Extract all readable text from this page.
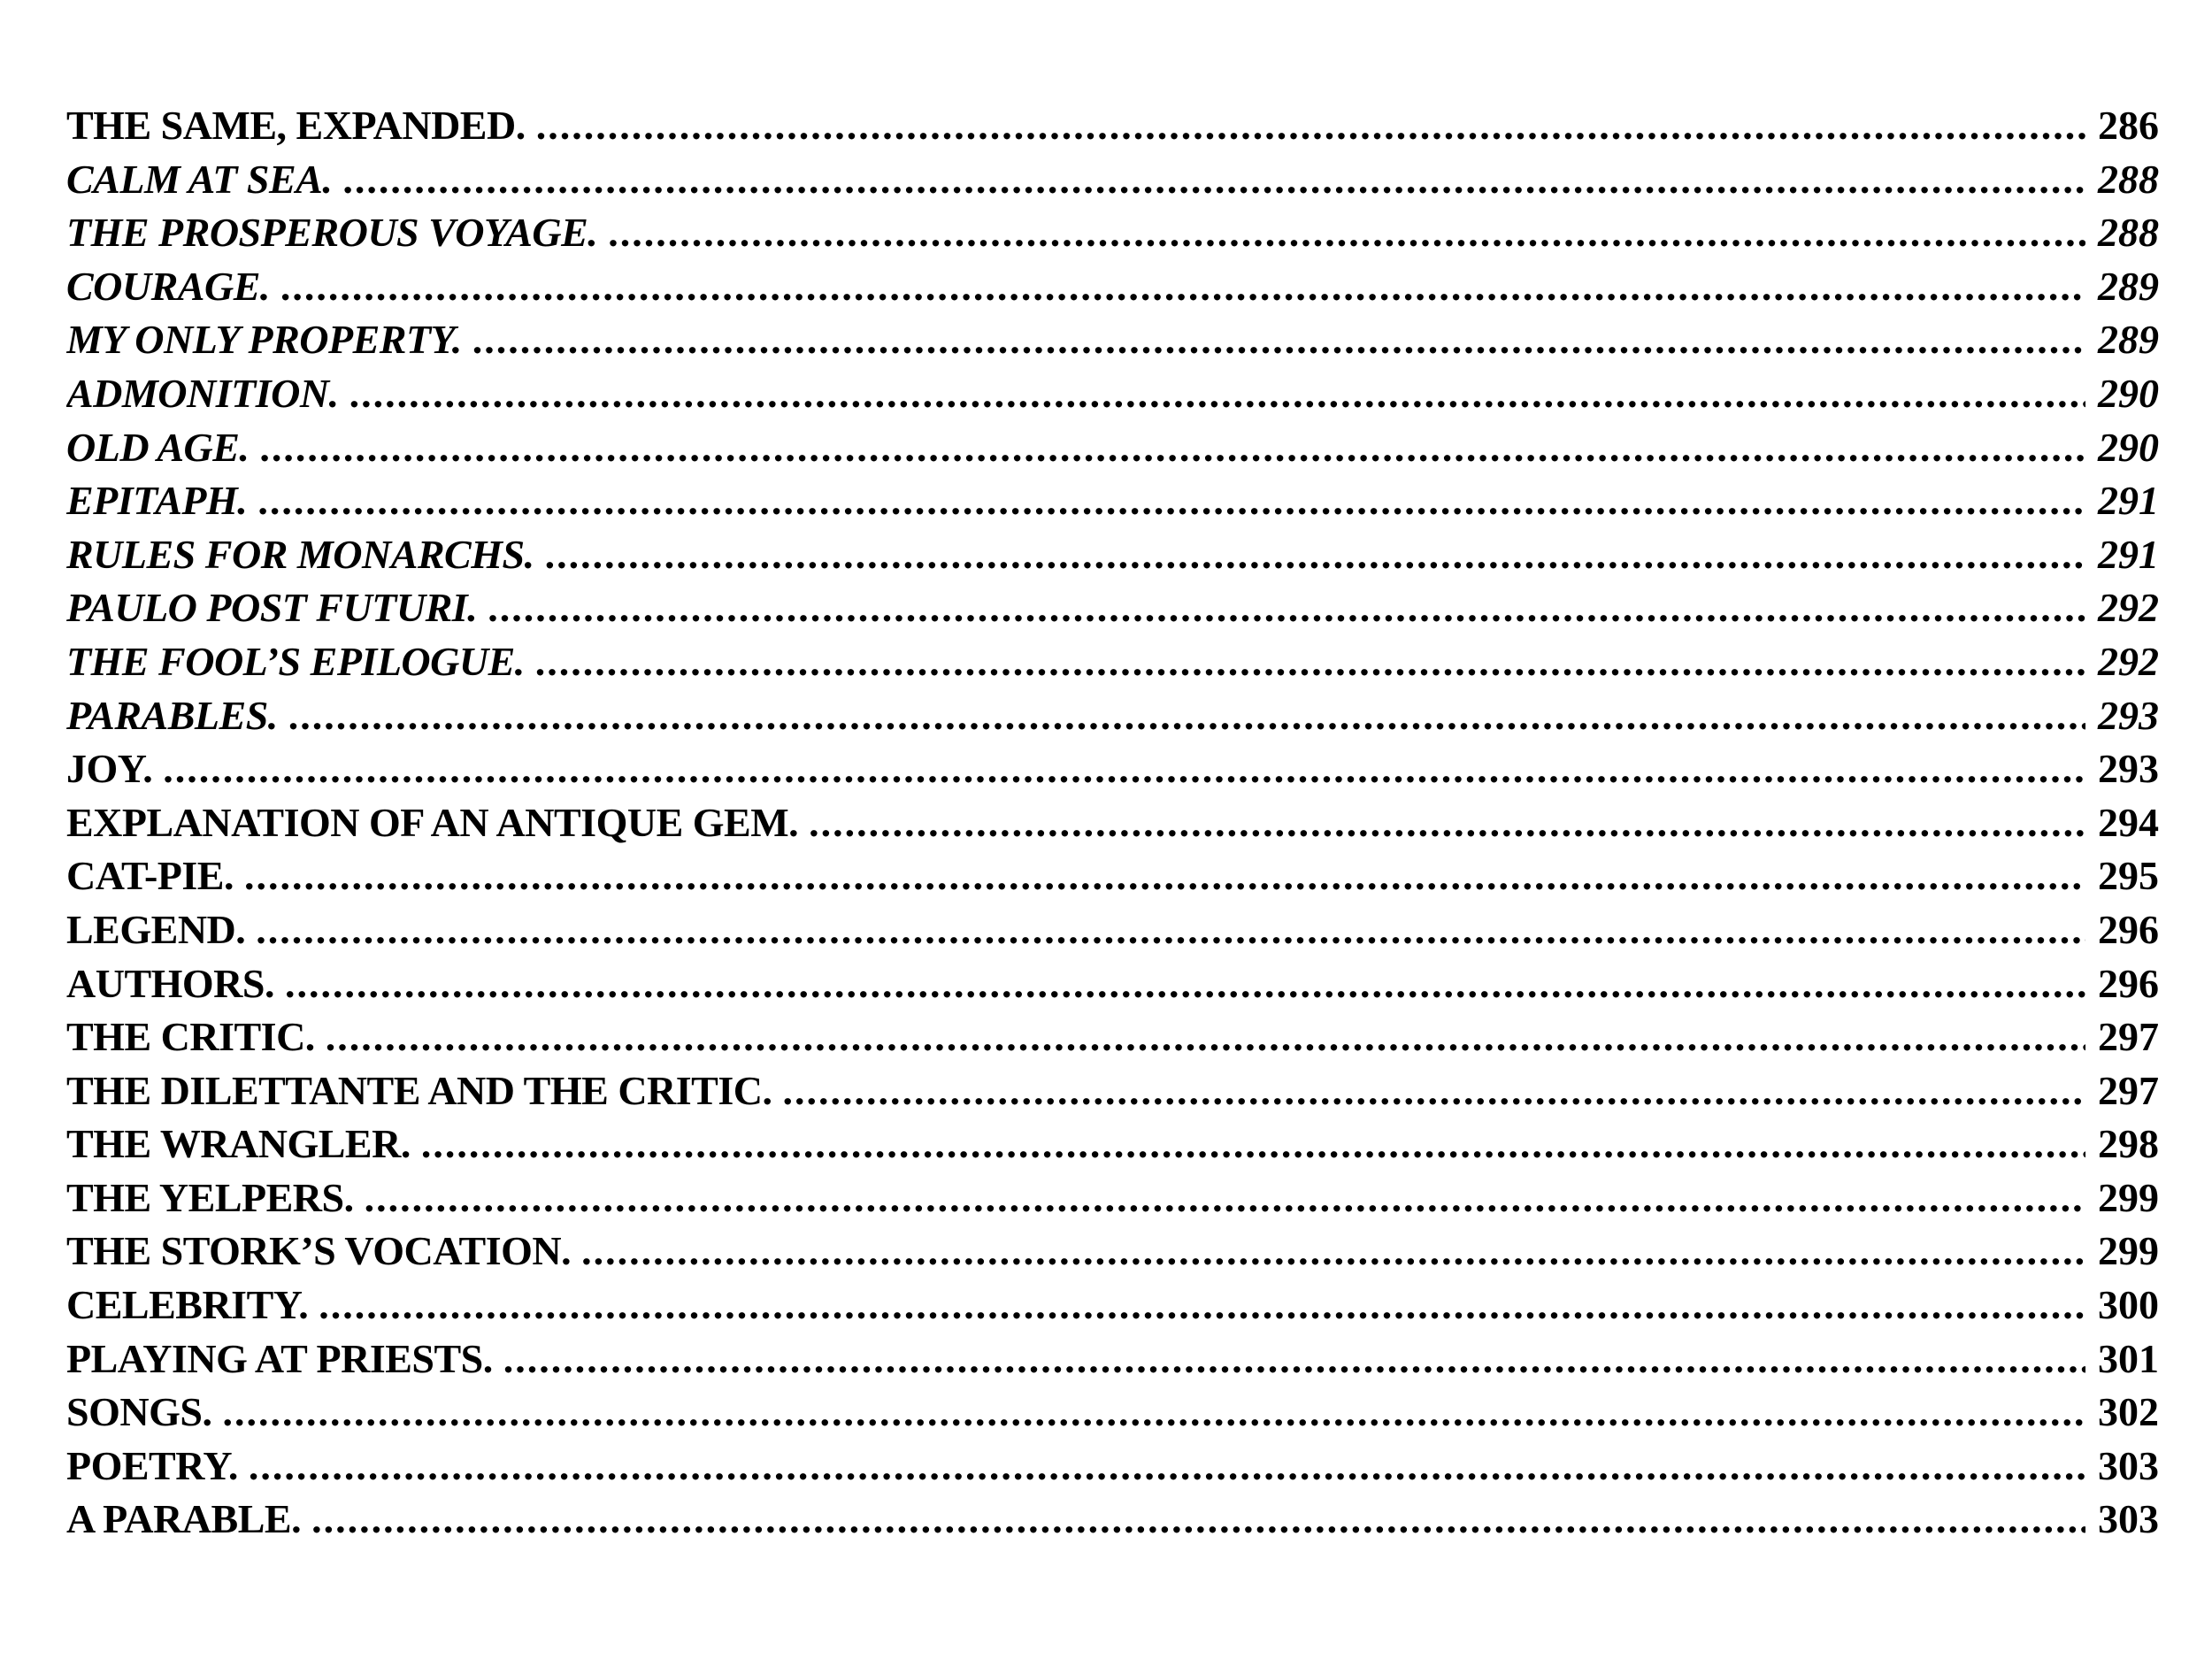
THE SAME, EXPANDED. .....	286
CALM AT SEA. .....	288
THE PROSPEROUS VOYAGE. .....	288
COURAGE. .....	289
MY ONLY PROPERTY. .....	289
ADMONITION. .....	290
OLD AGE. .....	290
EPITAPH. .....	291
RULES FOR MONARCHS. .....	291
PAULO POST FUTURI. .....	292
THE FOOL’S EPILOGUE. .....	292
PARABLES. .....	293
JOY. .....	293
EXPLANATION OF AN ANTIQUE GEM. .....	294
CAT-PIE. .....	295
LEGEND. .....	296
AUTHORS. .....	296
THE CRITIC. .....	297
THE DILETTANTE AND THE CRITIC. .....	297
THE WRANGLER. .....	298
THE YELPERS. .....	299
THE STORK’S VOCATION. .....	299
CELEBRITY. .....	300
PLAYING AT PRIESTS. .....	301
SONGS. .....	302
POETRY. .....	303
A PARABLE. .....	303
